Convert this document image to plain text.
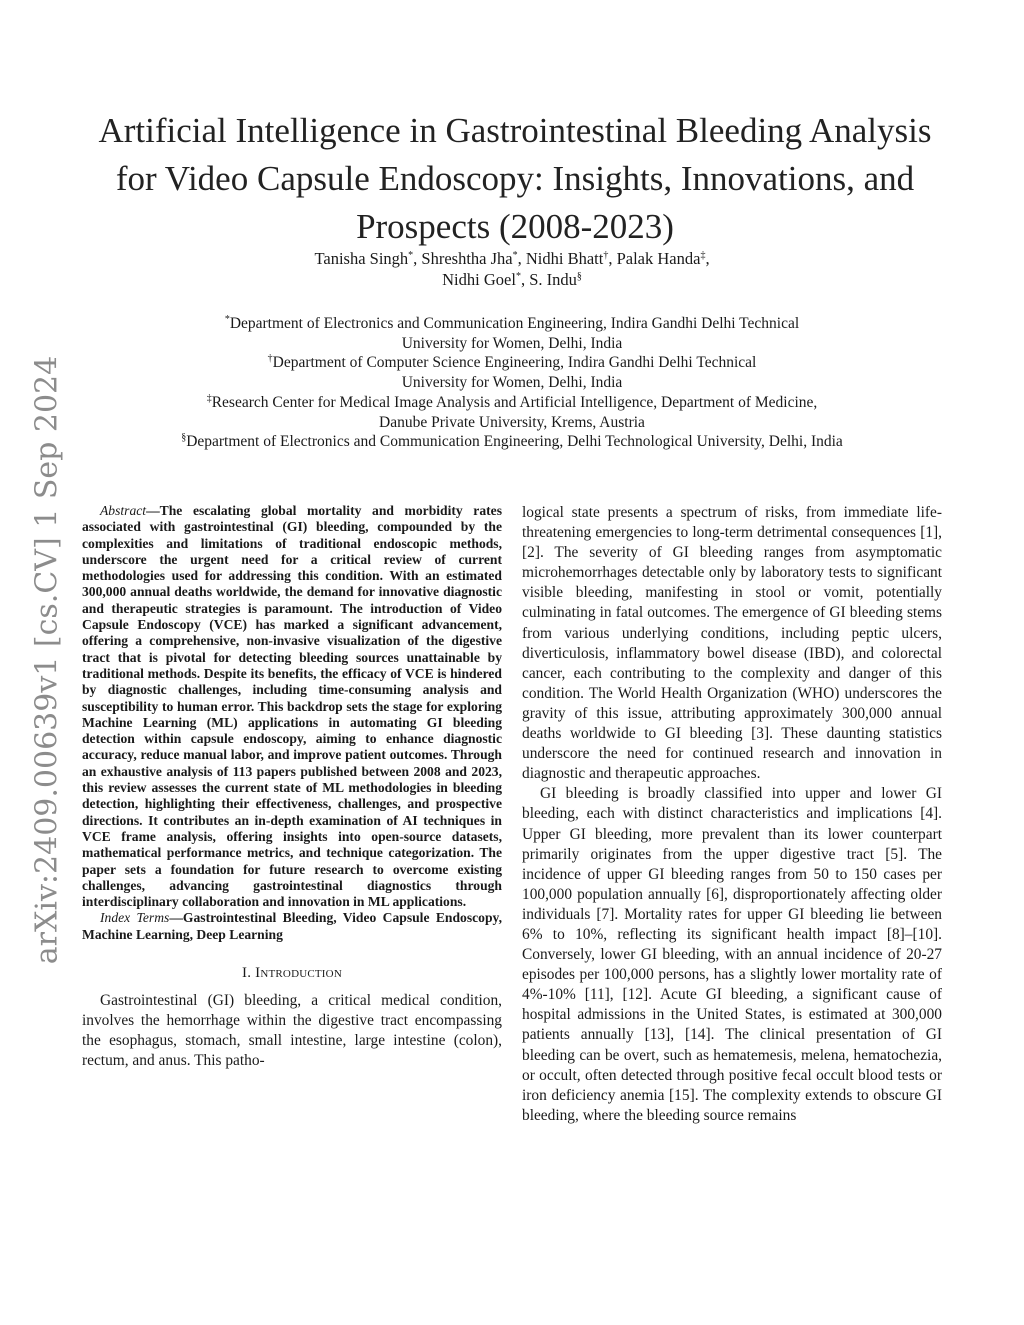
arXiv:2409.00639v1 [cs.CV] 1 Sep 2024
Artificial Intelligence in Gastrointestinal Bleeding Analysis for Video Capsule Endoscopy: Insights, Innovations, and Prospects (2008-2023)
Tanisha Singh*, Shreshtha Jha*, Nidhi Bhatt†, Palak Handa‡,
Nidhi Goel*, S. Indu§
*Department of Electronics and Communication Engineering, Indira Gandhi Delhi Technical
University for Women, Delhi, India
†Department of Computer Science Engineering, Indira Gandhi Delhi Technical
University for Women, Delhi, India
‡Research Center for Medical Image Analysis and Artificial Intelligence, Department of Medicine,
Danube Private University, Krems, Austria
§Department of Electronics and Communication Engineering, Delhi Technological University, Delhi, India

Abstract—The escalating global mortality and morbidity rates associated with gastrointestinal (GI) bleeding, compounded by the complexities and limitations of traditional endoscopic methods, underscore the urgent need for a critical review of current methodologies used for addressing this condition. With an estimated 300,000 annual deaths worldwide, the demand for innovative diagnostic and therapeutic strategies is paramount. The introduction of Video Capsule Endoscopy (VCE) has marked a significant advancement, offering a comprehensive, non-invasive visualization of the digestive tract that is pivotal for detecting bleeding sources unattainable by traditional methods. Despite its benefits, the efficacy of VCE is hindered by diagnostic challenges, including time-consuming analysis and susceptibility to human error. This backdrop sets the stage for exploring Machine Learning (ML) applications in automating GI bleeding detection within capsule endoscopy, aiming to enhance diagnostic accuracy, reduce manual labor, and improve patient outcomes. Through an exhaustive analysis of 113 papers published between 2008 and 2023, this review assesses the current state of ML methodologies in bleeding detection, highlighting their effectiveness, challenges, and prospective directions. It contributes an in-depth examination of AI techniques in VCE frame analysis, offering insights into open-source datasets, mathematical performance metrics, and technique categorization. The paper sets a foundation for future research to overcome existing challenges, advancing gastrointestinal diagnostics through interdisciplinary collaboration and innovation in ML applications.

Index Terms—Gastrointestinal Bleeding, Video Capsule Endoscopy, Machine Learning, Deep Learning

I. Introduction

Gastrointestinal (GI) bleeding, a critical medical condition, involves the hemorrhage within the digestive tract encompassing the esophagus, stomach, small intestine, large intestine (colon), rectum, and anus. This patho-

logical state presents a spectrum of risks, from immediate life-threatening emergencies to long-term detrimental consequences [1], [2]. The severity of GI bleeding ranges from asymptomatic microhemorrhages detectable only by laboratory tests to significant visible bleeding, manifesting in stool or vomit, potentially culminating in fatal outcomes. The emergence of GI bleeding stems from various underlying conditions, including peptic ulcers, diverticulosis, inflammatory bowel disease (IBD), and colorectal cancer, each contributing to the complexity and danger of this condition. The World Health Organization (WHO) underscores the gravity of this issue, attributing approximately 300,000 annual deaths worldwide to GI bleeding [3]. These daunting statistics underscore the need for continued research and innovation in diagnostic and therapeutic approaches.

GI bleeding is broadly classified into upper and lower GI bleeding, each with distinct characteristics and implications [4]. Upper GI bleeding, more prevalent than its lower counterpart primarily originates from the upper digestive tract [5]. The incidence of upper GI bleeding ranges from 50 to 150 cases per 100,000 population annually [6], disproportionately affecting older individuals [7]. Mortality rates for upper GI bleeding lie between 6% to 10%, reflecting its significant health impact [8]–[10]. Conversely, lower GI bleeding, with an annual incidence of 20-27 episodes per 100,000 persons, has a slightly lower mortality rate of 4%-10% [11], [12]. Acute GI bleeding, a significant cause of hospital admissions in the United States, is estimated at 300,000 patients annually [13], [14]. The clinical presentation of GI bleeding can be overt, such as hematemesis, melena, hematochezia, or occult, often detected through positive fecal occult blood tests or iron deficiency anemia [15]. The complexity extends to obscure GI bleeding, where the bleeding source remains
